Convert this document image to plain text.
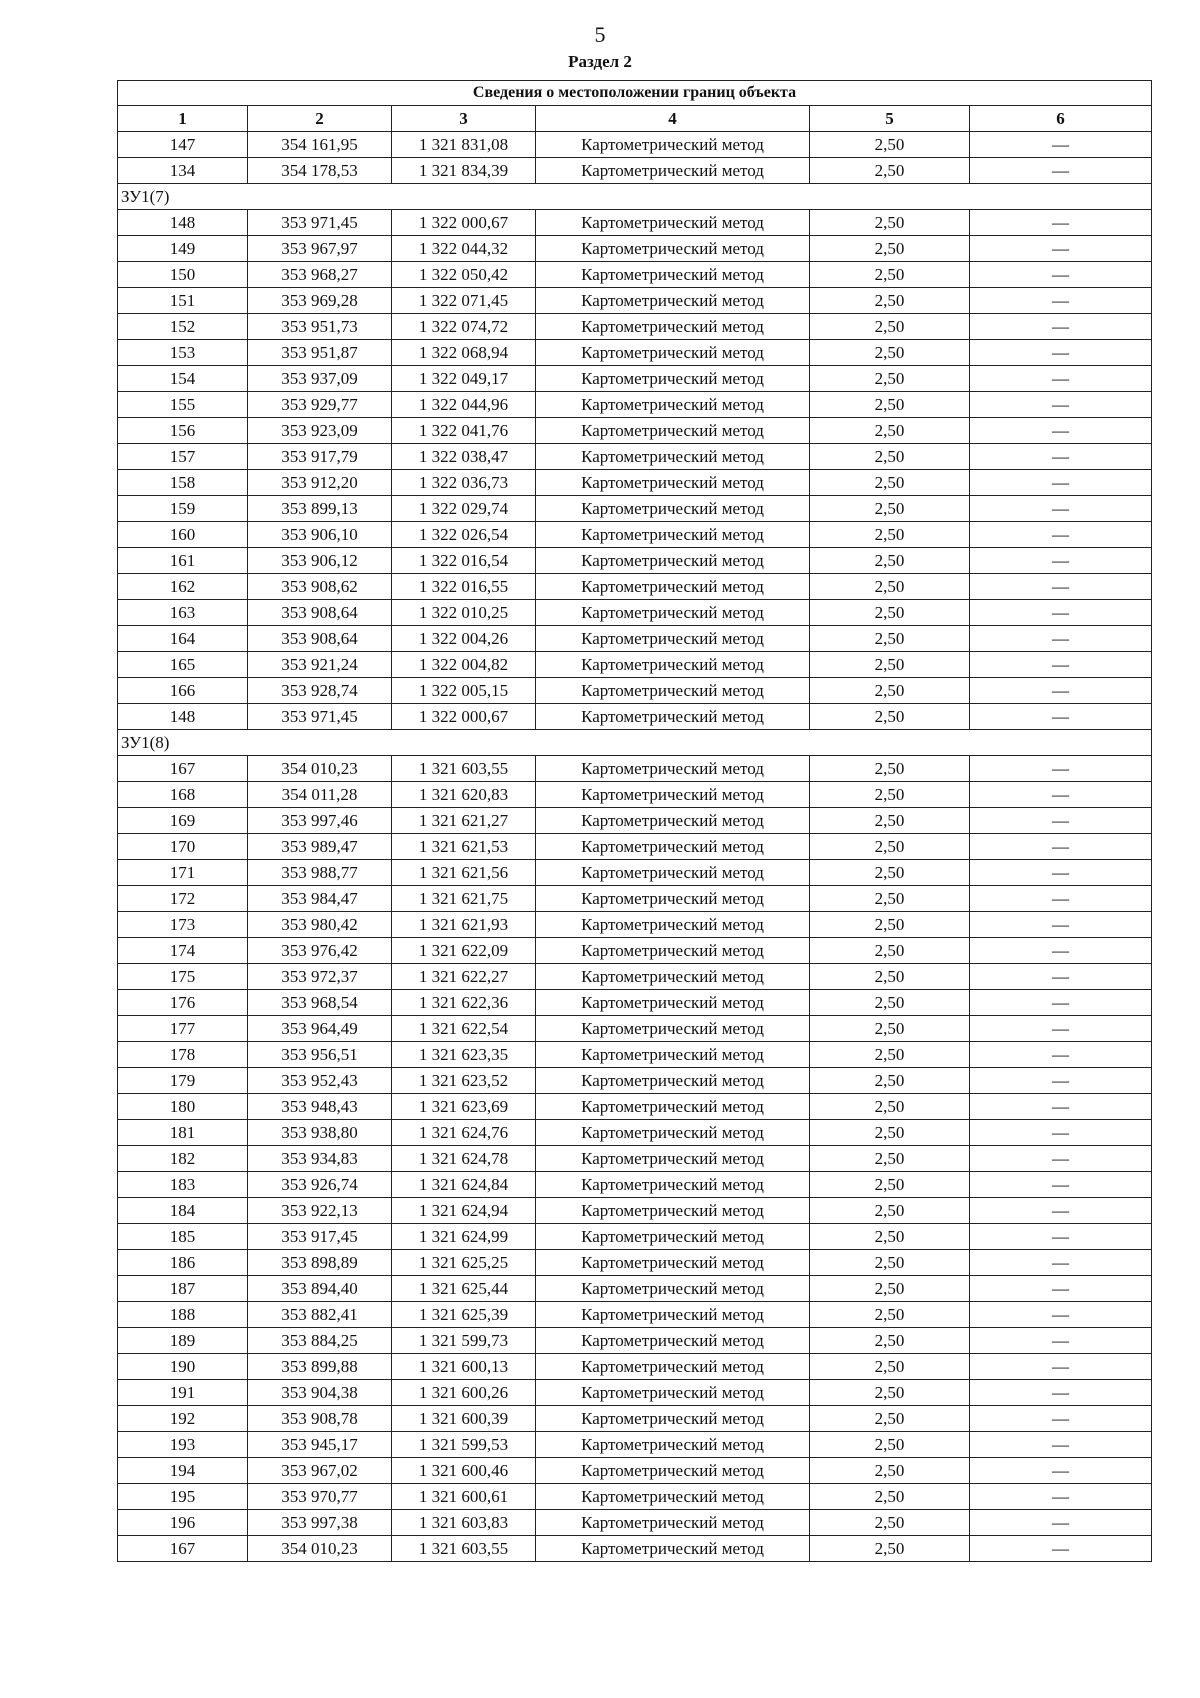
5
Раздел 2
Сведения о местоположении границ объекта					
1	2	3	4	5	6
147	354 161,95	1 321 831,08	Картометрический метод	2,50	—
134	354 178,53	1 321 834,39	Картометрический метод	2,50	—
ЗУ1(7)					
148	353 971,45	1 322 000,67	Картометрический метод	2,50	—
149	353 967,97	1 322 044,32	Картометрический метод	2,50	—
150	353 968,27	1 322 050,42	Картометрический метод	2,50	—
151	353 969,28	1 322 071,45	Картометрический метод	2,50	—
152	353 951,73	1 322 074,72	Картометрический метод	2,50	—
153	353 951,87	1 322 068,94	Картометрический метод	2,50	—
154	353 937,09	1 322 049,17	Картометрический метод	2,50	—
155	353 929,77	1 322 044,96	Картометрический метод	2,50	—
156	353 923,09	1 322 041,76	Картометрический метод	2,50	—
157	353 917,79	1 322 038,47	Картометрический метод	2,50	—
158	353 912,20	1 322 036,73	Картометрический метод	2,50	—
159	353 899,13	1 322 029,74	Картометрический метод	2,50	—
160	353 906,10	1 322 026,54	Картометрический метод	2,50	—
161	353 906,12	1 322 016,54	Картометрический метод	2,50	—
162	353 908,62	1 322 016,55	Картометрический метод	2,50	—
163	353 908,64	1 322 010,25	Картометрический метод	2,50	—
164	353 908,64	1 322 004,26	Картометрический метод	2,50	—
165	353 921,24	1 322 004,82	Картометрический метод	2,50	—
166	353 928,74	1 322 005,15	Картометрический метод	2,50	—
148	353 971,45	1 322 000,67	Картометрический метод	2,50	—
ЗУ1(8)					
167	354 010,23	1 321 603,55	Картометрический метод	2,50	—
168	354 011,28	1 321 620,83	Картометрический метод	2,50	—
169	353 997,46	1 321 621,27	Картометрический метод	2,50	—
170	353 989,47	1 321 621,53	Картометрический метод	2,50	—
171	353 988,77	1 321 621,56	Картометрический метод	2,50	—
172	353 984,47	1 321 621,75	Картометрический метод	2,50	—
173	353 980,42	1 321 621,93	Картометрический метод	2,50	—
174	353 976,42	1 321 622,09	Картометрический метод	2,50	—
175	353 972,37	1 321 622,27	Картометрический метод	2,50	—
176	353 968,54	1 321 622,36	Картометрический метод	2,50	—
177	353 964,49	1 321 622,54	Картометрический метод	2,50	—
178	353 956,51	1 321 623,35	Картометрический метод	2,50	—
179	353 952,43	1 321 623,52	Картометрический метод	2,50	—
180	353 948,43	1 321 623,69	Картометрический метод	2,50	—
181	353 938,80	1 321 624,76	Картометрический метод	2,50	—
182	353 934,83	1 321 624,78	Картометрический метод	2,50	—
183	353 926,74	1 321 624,84	Картометрический метод	2,50	—
184	353 922,13	1 321 624,94	Картометрический метод	2,50	—
185	353 917,45	1 321 624,99	Картометрический метод	2,50	—
186	353 898,89	1 321 625,25	Картометрический метод	2,50	—
187	353 894,40	1 321 625,44	Картометрический метод	2,50	—
188	353 882,41	1 321 625,39	Картометрический метод	2,50	—
189	353 884,25	1 321 599,73	Картометрический метод	2,50	—
190	353 899,88	1 321 600,13	Картометрический метод	2,50	—
191	353 904,38	1 321 600,26	Картометрический метод	2,50	—
192	353 908,78	1 321 600,39	Картометрический метод	2,50	—
193	353 945,17	1 321 599,53	Картометрический метод	2,50	—
194	353 967,02	1 321 600,46	Картометрический метод	2,50	—
195	353 970,77	1 321 600,61	Картометрический метод	2,50	—
196	353 997,38	1 321 603,83	Картометрический метод	2,50	—
167	354 010,23	1 321 603,55	Картометрический метод	2,50	—
